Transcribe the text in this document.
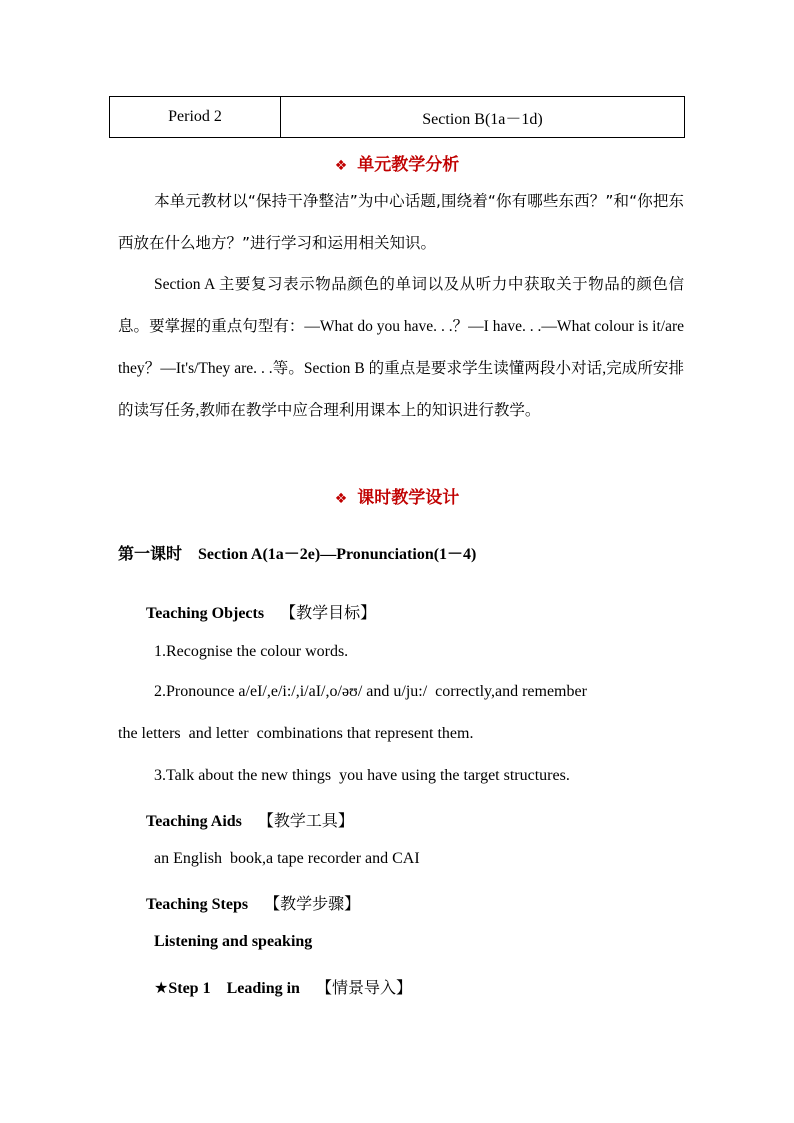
Period 2	Section B(1a－1d)
❖ 单元教学分析

本单元教材以“保持干净整洁”为中心话题,围绕着“你有哪些东西？”和“你把东西放在什么地方？”进行学习和运用相关知识。

Section A 主要复习表示物品颜色的单词以及从听力中获取关于物品的颜色信息。要掌握的重点句型有：—What do you have. . .？—I have. . .—What colour is it/are they？—It's/They are. . .等。Section B 的重点是要求学生读懂两段小对话,完成所安排的读写任务,教师在教学中应合理利用课本上的知识进行教学。

❖ 课时教学设计
第一课时 Section A(1a－2e)—Pronunciation(1－4)
Teaching Objects 【教学目标】
1.Recognise the colour words.
2.Pronounce a/eI/,e/i:/,i/aI/,o/əʊ/ and u/ju:/  correctly,and remember
the letters  and letter  combinations that represent them.
3.Talk about the new things  you have using the target structures.
Teaching Aids 【教学工具】
an English  book,a tape recorder and CAI
Teaching Steps 【教学步骤】
Listening and speaking
★Step 1 Leading in 【情景导入】
